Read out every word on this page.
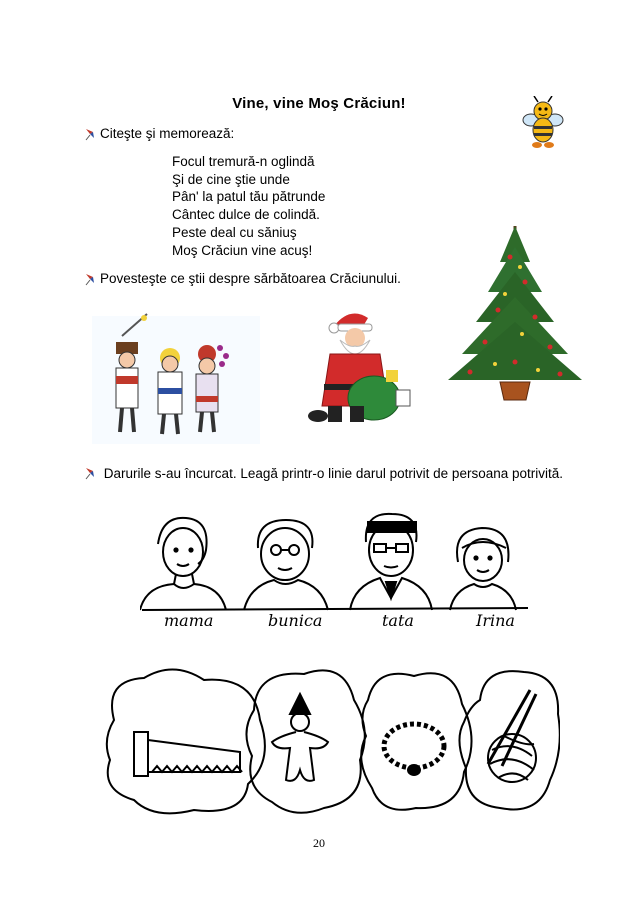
Vine, vine Moş Crăciun!
Citeşte şi memorează:
Focul tremură-n oglindă
Şi de cine ştie unde
Pân' la patul tău pătrunde
Cântec dulce de colindă.
Peste deal cu săniuş
Moş Crăciun vine acuş!
Povesteşte ce ştii despre sărbătoarea Crăciunului.
Darurile s-au încurcat. Leagă printr-o linie darul potrivit de persoana potrivită.
mama	bunica	tata	Irina
20
